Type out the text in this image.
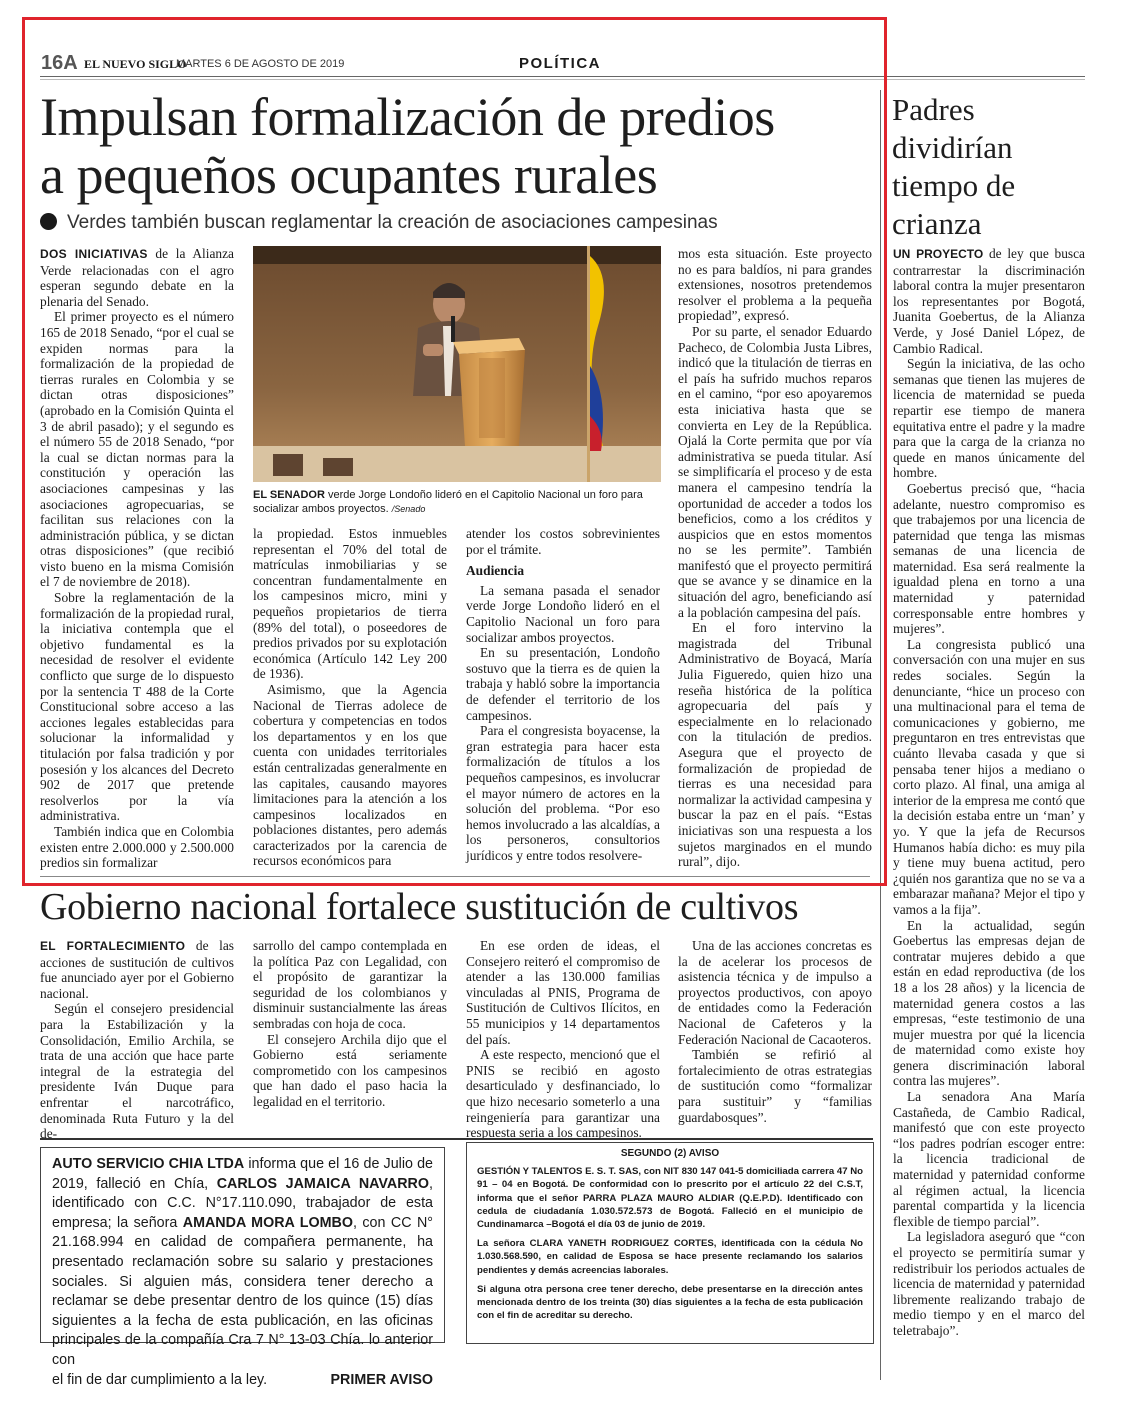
16A EL NUEVO SIGLO
MARTES 6 DE AGOSTO DE 2019	POLÍTICA
Impulsan formalización de predios
a pequeños ocupantes rurales
Verdes también buscan reglamentar la creación de asociaciones campesinas

DOS INICIATIVAS de la Alianza Verde relacionadas con el agro esperan segundo debate en la plenaria del Senado.

El primer proyecto es el número 165 de 2018 Senado, “por el cual se expiden normas para la formalización de la propiedad de tierras rurales en Colombia y se dictan otras disposiciones” (aprobado en la Comisión Quinta el 3 de abril pasado); y el segundo es el número 55 de 2018 Senado, “por la cual se dictan normas para la constitución y operación las asociaciones campesinas y las asociaciones agropecuarias, se facilitan sus relaciones con la administración pública, y se dictan otras disposiciones” (que recibió visto bueno en la misma Comisión el 7 de noviembre de 2018).

Sobre la reglamentación de la formalización de la propiedad rural, la iniciativa contempla que el objetivo fundamental es la necesidad de resolver el evidente conflicto que surge de lo dispuesto por la sentencia T 488 de la Corte Constitucional sobre acceso a las acciones legales establecidas para solucionar la informalidad y titulación por falsa tradición y por posesión y los alcances del Decreto 902 de 2017 que pretende resolverlos por la vía administrativa.

También indica que en Colombia existen entre 2.000.000 y 2.500.000 predios sin formalizar

EL SENADOR verde Jorge Londoño lideró en el Capitolio Nacional un foro para socializar ambos proyectos. /Senado

la propiedad. Estos inmuebles representan el 70% del total de matrículas inmobiliarias y se concentran fundamentalmente en los campesinos micro, mini y pequeños propietarios de tierra (89% del total), o poseedores de predios privados por su explotación económica (Artículo 142 Ley 200 de 1936).

Asimismo, que la Agencia Nacional de Tierras adolece de cobertura y competencias en todos los departamentos y en los que cuenta con unidades territoriales están centralizadas generalmente en las capitales, causando mayores limitaciones para la atención a los campesinos localizados en poblaciones distantes, pero además caracterizados por la carencia de recursos económicos para

atender los costos sobrevinientes por el trámite.

Audiencia

La semana pasada el senador verde Jorge Londoño lideró en el Capitolio Nacional un foro para socializar ambos proyectos.

En su presentación, Londoño sostuvo que la tierra es de quien la trabaja y habló sobre la importancia de defender el territorio de los campesinos.

Para el congresista boyacense, la gran estrategia para hacer esta formalización de títulos a los pequeños campesinos, es involucrar el mayor número de actores en la solución del problema. “Por eso hemos involucrado a las alcaldías, a los personeros, consultorios jurídicos y entre todos resolvere-

mos esta situación. Este proyecto no es para baldíos, ni para grandes extensiones, nosotros pretendemos resolver el problema a la pequeña propiedad”, expresó.

Por su parte, el senador Eduardo Pacheco, de Colombia Justa Libres, indicó que la titulación de tierras en el país ha sufrido muchos reparos en el camino, “por eso apoyaremos esta iniciativa hasta que se convierta en Ley de la República. Ojalá la Corte permita que por vía administrativa se pueda titular. Así se simplificaría el proceso y de esta manera el campesino tendría la oportunidad de acceder a todos los beneficios, como a los créditos y auspicios que en estos momentos no se les permite”. También manifestó que el proyecto permitirá que se avance y se dinamice en la situación del agro, beneficiando así a la población campesina del país.

En el foro intervino la magistrada del Tribunal Administrativo de Boyacá, María Julia Figueredo, quien hizo una reseña histórica de la política agropecuaria del país y especialmente en lo relacionado con la titulación de predios. Asegura que el proyecto de formalización de propiedad de tierras es una necesidad para normalizar la actividad campesina y buscar la paz en el país. “Estas iniciativas son una respuesta a los sujetos marginados en el mundo rural”, dijo.

Gobierno nacional fortalece sustitución de cultivos

EL FORTALECIMIENTO de las acciones de sustitución de cultivos fue anunciado ayer por el Gobierno nacional.

Según el consejero presidencial para la Estabilización y la Consolidación, Emilio Archila, se trata de una acción que hace parte integral de la estrategia del presidente Iván Duque para enfrentar el narcotráfico, denominada Ruta Futuro y la del de-

sarrollo del campo contemplada en la política Paz con Legalidad, con el propósito de garantizar la seguridad de los colombianos y disminuir sustancialmente las áreas sembradas con hoja de coca.

El consejero Archila dijo que el Gobierno está seriamente comprometido con los campesinos que han dado el paso hacia la legalidad en el territorio.

En ese orden de ideas, el Consejero reiteró el compromiso de atender a las 130.000 familias vinculadas al PNIS, Programa de Sustitución de Cultivos Ilícitos, en 55 municipios y 14 departamentos del país.

A este respecto, mencionó que el PNIS se recibió en agosto desarticulado y desfinanciado, lo que hizo necesario someterlo a una reingeniería para garantizar una respuesta seria a los campesinos.

Una de las acciones concretas es la de acelerar los procesos de asistencia técnica y de impulso a proyectos productivos, con apoyo de entidades como la Federación Nacional de Cafeteros y la Federación Nacional de Cacaoteros.

También se refirió al fortalecimiento de otras estrategias de sustitución como “formalizar para sustituir” y “familias guardabosques”.

AUTO SERVICIO CHIA LTDA informa que el 16 de Julio de 2019, falleció en Chía, CARLOS JAMAICA NAVARRO, identificado con C.C. N°17.110.090, trabajador de esta empresa; la señora AMANDA MORA LOMBO, con CC N° 21.168.994 en calidad de compañera permanente, ha presentado reclamación sobre su salario y prestaciones sociales. Si alguien más, considera tener derecho a reclamar se debe presentar dentro de los quince (15) días siguientes a la fecha de esta publicación, en las oficinas principales de la compañía Cra 7 N° 13-03 Chía. lo anterior con
el fin de dar cumplimiento a la ley.	PRIMER AVISO
SEGUNDO (2) AVISO

GESTIÓN Y TALENTOS E. S. T. SAS, con NIT 830 147 041-5 domiciliada carrera 47 No 91 – 04 en Bogotá. De conformidad con lo prescrito por el artículo 22 del C.S.T, informa que el señor PARRA PLAZA MAURO ALDIAR (Q.E.P.D). Identificado con cedula de ciudadanía 1.030.572.573 de Bogotá. Falleció en el municipio de Cundinamarca –Bogotá el día 03 de junio de 2019.

La señora CLARA YANETH RODRIGUEZ CORTES, identificada con la cédula No 1.030.568.590, en calidad de Esposa se hace presente reclamando los salarios pendientes y demás acreencias laborales.

Si alguna otra persona cree tener derecho, debe presentarse en la dirección antes mencionada dentro de los treinta (30) días siguientes a la fecha de esta publicación con el fin de acreditar su derecho.

Padres dividirían tiempo de crianza

UN PROYECTO de ley que busca contrarrestar la discriminación laboral contra la mujer presentaron los representantes por Bogotá, Juanita Goebertus, de la Alianza Verde, y José Daniel López, de Cambio Radical.

Según la iniciativa, de las ocho semanas que tienen las mujeres de licencia de maternidad se pueda repartir ese tiempo de manera equitativa entre el padre y la madre para que la carga de la crianza no quede en manos únicamente del hombre.

Goebertus precisó que, “hacia adelante, nuestro compromiso es que trabajemos por una licencia de paternidad que tenga las mismas semanas de una licencia de maternidad. Esa será realmente la igualdad plena en torno a una maternidad y paternidad corresponsable entre hombres y mujeres”.

La congresista publicó una conversación con una mujer en sus redes sociales. Según la denunciante, “hice un proceso con una multinacional para el tema de comunicaciones y gobierno, me preguntaron en tres entrevistas que cuánto llevaba casada y que si pensaba tener hijos a mediano o corto plazo. Al final, una amiga al interior de la empresa me contó que la decisión estaba entre un ‘man’ y yo. Y que la jefa de Recursos Humanos había dicho: es muy pila y tiene muy buena actitud, pero ¿quién nos garantiza que no se va a embarazar mañana? Mejor el tipo y vamos a la fija”.

En la actualidad, según Goebertus las empresas dejan de contratar mujeres debido a que están en edad reproductiva (de los 18 a los 28 años) y la licencia de maternidad genera costos a las empresas, “este testimonio de una mujer muestra por qué la licencia de maternidad como existe hoy genera discriminación laboral contra las mujeres”.

La senadora Ana María Castañeda, de Cambio Radical, manifestó que con este proyecto “los padres podrían escoger entre: la licencia tradicional de maternidad y paternidad conforme al régimen actual, la licencia parental compartida y la licencia flexible de tiempo parcial”.

La legisladora aseguró que “con el proyecto se permitiría sumar y redistribuir los periodos actuales de licencia de maternidad y paternidad libremente realizando trabajo de medio tiempo y en el marco del teletrabajo”.
